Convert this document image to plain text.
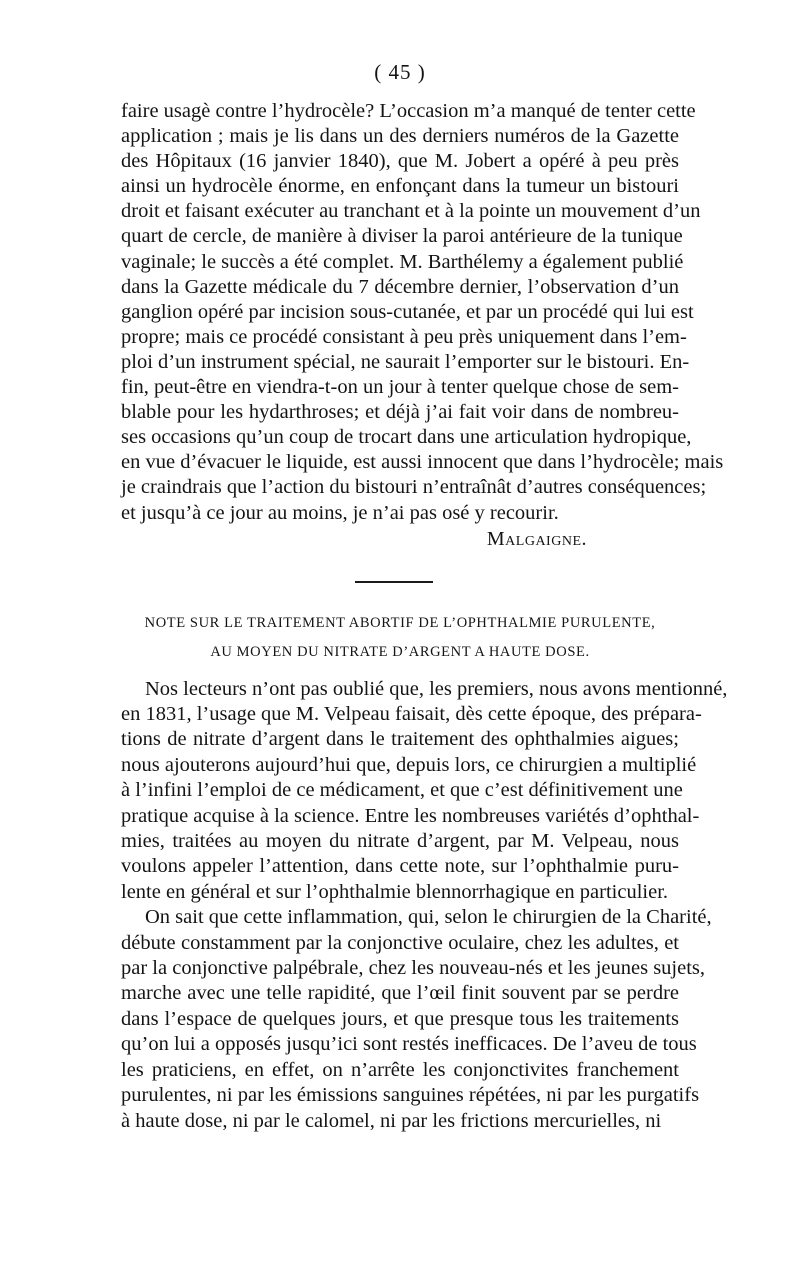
( 45 )
faire usagè contre l’hydrocèle? L’occasion m’a manqué de tenter cette
application ; mais je lis dans un des derniers numéros de la Gazette
des Hôpitaux (16 janvier 1840), que M. Jobert a opéré à peu près
ainsi un hydrocèle énorme, en enfonçant dans la tumeur un bistouri
droit et faisant exécuter au tranchant et à la pointe un mouvement d’un
quart de cercle, de manière à diviser la paroi antérieure de la tunique
vaginale; le succès a été complet. M. Barthélemy a également publié
dans la Gazette médicale du 7 décembre dernier, l’observation d’un
ganglion opéré par incision sous-cutanée, et par un procédé qui lui est
propre; mais ce procédé consistant à peu près uniquement dans l’em-
ploi d’un instrument spécial, ne saurait l’emporter sur le bistouri. En-
fin, peut-être en viendra-t-on un jour à tenter quelque chose de sem-
blable pour les hydarthroses; et déjà j’ai fait voir dans de nombreu-
ses occasions qu’un coup de trocart dans une articulation hydropique,
en vue d’évacuer le liquide, est aussi innocent que dans l’hydrocèle; mais
je craindrais que l’action du bistouri n’entraînât d’autres conséquences;
et jusqu’à ce jour au moins, je n’ai pas osé y recourir.
Malgaigne.
NOTE SUR LE TRAITEMENT ABORTIF DE L’OPHTHALMIE PURULENTE,
AU MOYEN DU NITRATE D’ARGENT A HAUTE DOSE.
Nos lecteurs n’ont pas oublié que, les premiers, nous avons mentionné,
en 1831, l’usage que M. Velpeau faisait, dès cette époque, des prépara-
tions de nitrate d’argent dans le traitement des ophthalmies aigues;
nous ajouterons aujourd’hui que, depuis lors, ce chirurgien a multiplié
à l’infini l’emploi de ce médicament, et que c’est définitivement une
pratique acquise à la science. Entre les nombreuses variétés d’ophthal-
mies, traitées au moyen du nitrate d’argent, par M. Velpeau, nous
voulons appeler l’attention, dans cette note, sur l’ophthalmie puru-
lente en général et sur l’ophthalmie blennorrhagique en particulier.
On sait que cette inflammation, qui, selon le chirurgien de la Charité,
débute constamment par la conjonctive oculaire, chez les adultes, et
par la conjonctive palpébrale, chez les nouveau-nés et les jeunes sujets,
marche avec une telle rapidité, que l’œil finit souvent par se perdre
dans l’espace de quelques jours, et que presque tous les traitements
qu’on lui a opposés jusqu’ici sont restés inefficaces. De l’aveu de tous
les praticiens, en effet, on n’arrête les conjonctivites franchement
purulentes, ni par les émissions sanguines répétées, ni par les purgatifs
à haute dose, ni par le calomel, ni par les frictions mercurielles, ni
